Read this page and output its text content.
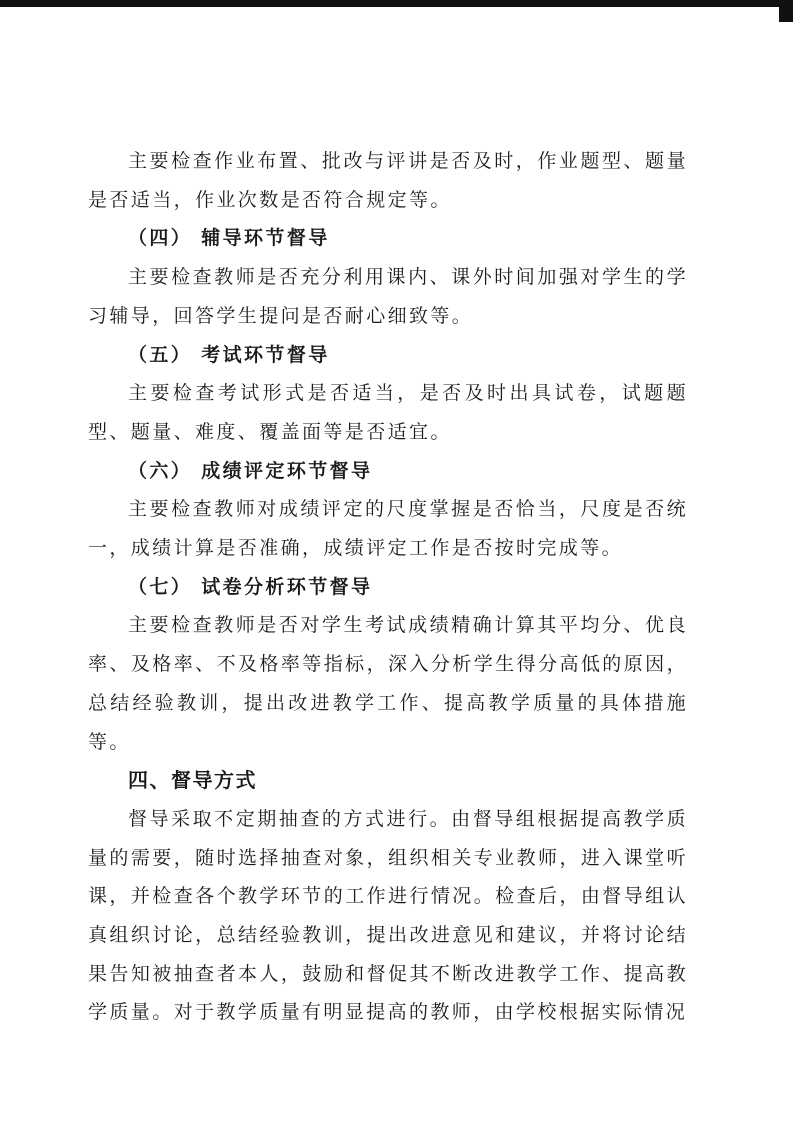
主要检查作业布置、批改与评讲是否及时，作业题型、题量是否适当，作业次数是否符合规定等。

（四） 辅导环节督导

主要检查教师是否充分利用课内、课外时间加强对学生的学习辅导，回答学生提问是否耐心细致等。

（五） 考试环节督导

主要检查考试形式是否适当，是否及时出具试卷，试题题型、题量、难度、覆盖面等是否适宜。

（六） 成绩评定环节督导

主要检查教师对成绩评定的尺度掌握是否恰当，尺度是否统一，成绩计算是否准确，成绩评定工作是否按时完成等。

（七） 试卷分析环节督导

主要检查教师是否对学生考试成绩精确计算其平均分、优良率、及格率、不及格率等指标，深入分析学生得分高低的原因，总结经验教训，提出改进教学工作、提高教学质量的具体措施等。

四、督导方式

督导采取不定期抽查的方式进行。由督导组根据提高教学质量的需要，随时选择抽查对象，组织相关专业教师，进入课堂听课，并检查各个教学环节的工作进行情况。检查后，由督导组认真组织讨论，总结经验教训，提出改进意见和建议，并将讨论结果告知被抽查者本人，鼓励和督促其不断改进教学工作、提高教学质量。对于教学质量有明显提高的教师，由学校根据实际情况
